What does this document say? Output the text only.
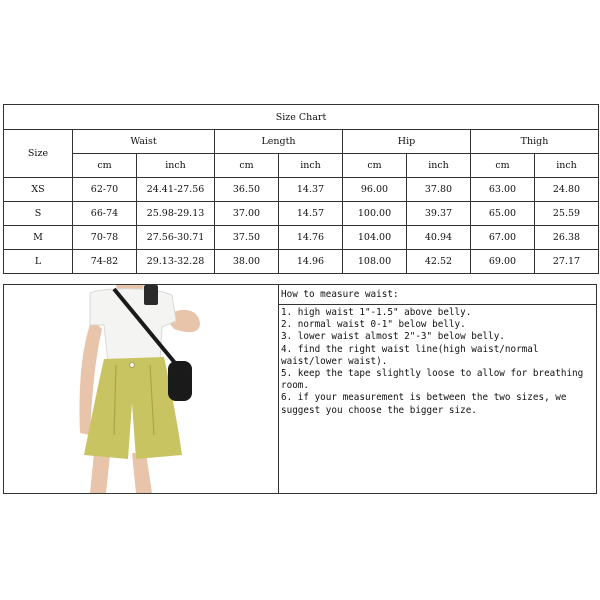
Size Chart								
Size	Waist		Length		Hip		Thigh	
	cm	inch	cm	inch	cm	inch	cm	inch
XS	62-70	24.41-27.56	36.50	14.37	96.00	37.80	63.00	24.80
S	66-74	25.98-29.13	37.00	14.57	100.00	39.37	65.00	25.59
M	70-78	27.56-30.71	37.50	14.76	104.00	40.94	67.00	26.38
L	74-82	29.13-32.28	38.00	14.96	108.00	42.52	69.00	27.17
How to measure waist:
1. high waist 1"-1.5" above belly.
2. normal waist 0-1" below belly.
3. lower waist almost 2"-3" below belly.
4. find the right waist line(high waist/normal waist/lower waist).
5. keep the tape slightly loose to allow for breathing room.
6. if your measurement is between the two sizes, we suggest you choose the bigger size.
